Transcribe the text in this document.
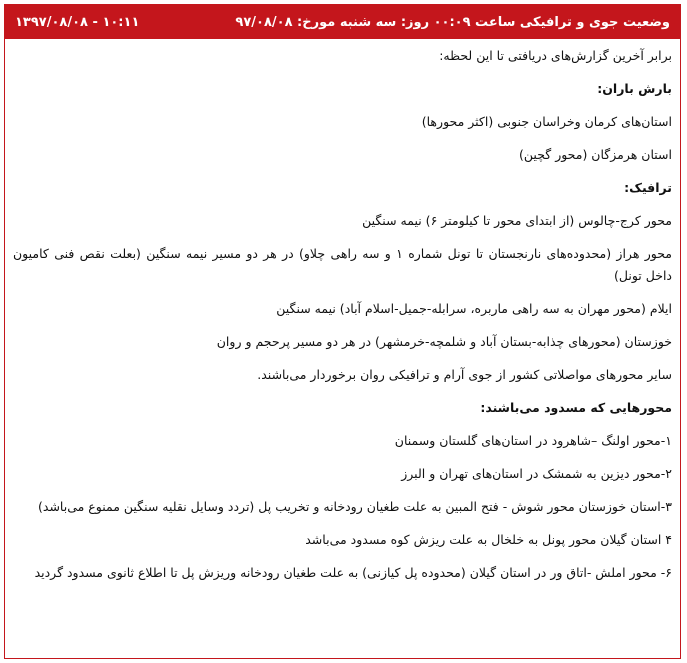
وضعیت جوی و ترافیکی ساعت ۰۰:۰۹ روز: سه شنبه مورخ: ۹۷/۰۸/۰۸
۱۰:۱۱ - ۱۳۹۷/۰۸/۰۸

برابر آخرین گزارش‌های دریافتی تا این لحظه:

بارش باران:

استان‌های کرمان وخراسان جنوبی (اکثر محورها)

استان هرمزگان (محور گچین)

ترافیک:

محور کرج-چالوس (از ابتدای محور تا کیلومتر ۶) نیمه سنگین

محور هراز (محدوده‌های نارنجستان تا تونل شماره ۱ و سه راهی چلاو) در هر دو مسیر نیمه سنگین (بعلت نقص فنی کامیون داخل تونل)

ایلام (محور مهران به سه راهی ماربره، سرابله-جمیل-اسلام آباد) نیمه سنگین

خوزستان (محورهای چذابه-بستان آباد و شلمچه-خرمشهر) در هر دو مسیر پرحجم و روان

سایر محورهای مواصلاتی کشور از جوی آرام و ترافیکی روان برخوردار می‌باشند.

محورهایی که مسدود می‌باشند:

۱-محور اولنگ –شاهرود در استان‌های گلستان وسمنان

۲-محور دیزین به شمشک در استان‌های تهران و البرز

۳-استان خوزستان محور شوش - فتح المبین به علت طغیان رودخانه و تخریب پل (تردد وسایل نقلیه سنگین ممنوع می‌باشد)

۴ استان گیلان محور پونل به خلخال به علت ریزش کوه مسدود می‌باشد

۶- محور املش -اتاق ور در استان گیلان (محدوده پل کیازنی) به علت طغیان رودخانه وریزش پل تا اطلاع ثانوی مسدود گردید
